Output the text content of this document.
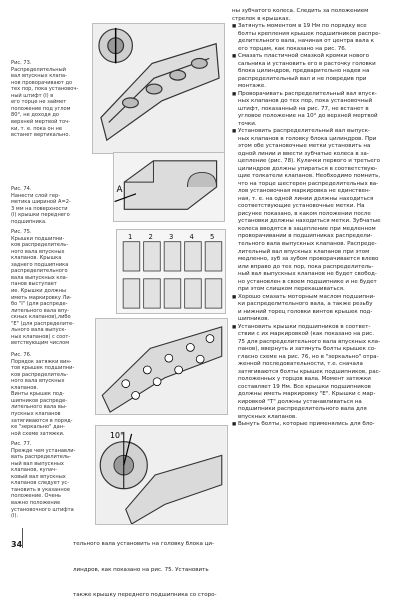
A
1 2 3 4 5
10°

Рис. 73.
Распределительный
вал впускных клапа-
нов проворачивают до
тех пор, пока установоч-
ный штифт (I) в
его торце не займет
положение под углом
80°, не доходя до
верхней мертвой точ-
ки, т. е. пока он не
встанет вертикально.

Рис. 74.
Нанести слой гер-
метика шириной А=2-
3 мм на поверхности
(I) крышки переднего
подшипника.

Рис. 75.
Крышки подшипни-
ков распределитель-
ного вала впускных
клапанов. Крышка
заднего подшипника
распределительного
вала выпускных кла-
панов выступает
ие. Крышки должны
иметь маркировку Ли-
бо "I" (для распреде-
лительного вала впу-
скных клапанов),либо
"Е" (для распределите-
льного вала выпуск-
ных клапанов) с соот-
ветствующим числом

Рис. 76.
Порядок затяжки вин-
тов крышек подшипни-
ков распределитель-
ного вала впускных
клапанов.
Винты крышек под-
шипников распреде-
лительного вала вы-
пускных клапанов
затягиваются в поряд-
ке "зеркально" дан-
ной схеме затяжки.

Рис. 77.
Прежде чем устанавли-
вать распределитель-
ный вал выпускных
клапанов, кулач-
ковый вал впускных
клапанов следует ус-
тановить в указанное
положение. Очень
важно положение
установочного штифта
(I).

34

	тельного вала установить на головку блока ци-

линдров, как показано на рис. 75. Установить

также крышку переднего подшипника со сторо-

ны зубчатого колеса. Следить за положением
стрелок в крышках.
■ Затянуть моментом в 19 Нм по порядку все
болты крепления крышек подшипников распре-
делительного вала, начиная от центра вала к
его торцам, как показано на рис. 76.
■ Смазать пластичной смазкой кромки нового
сальника и установить его в расточку головки
блока цилиндров, предварительно надев на
распределительный вал и не повредив при
монтаже.
■ Проворачивать распределительный вал впуск-
ных клапанов до тех пор, пока установочный
штифт, показанный на рис. 77, не встанет в
угловое положение на 10° до верхней мертвой
точки.
■ Установить распределительный вал выпуск-
ных клапанов в головку блока цилиндров. При
этом обе установочные метки установить на
одной линии и ввести зубчатые колеса в за-
цепление (рис. 78). Кулачки первого и третьего
цилиндров должны упираться в соответствую-
щие толкатели клапанов. Необходимо помнить,
что на торце шестерен распределительных ва-
лов установочная маркировка не единствен-
ная, т. е. на одной линии должны находиться
соответствующие установочные метки. На
рисунке показано, в каком положении после
установки должны находиться метки. Зубчатые
колеса вводятся в зацепление при медленном
проворачивании в подшипниках распредели-
тельного вала выпускных клапанов. Распреде-
лительный вал впускных клапанов при этом
медленно, зуб за зубом проворачивается влево
или вправо до тех пор, пока распределитель-
ный вал выпускных клапанов не будет свобод-
но установлен в своем подшипнике и не будет
при этом слишком перекашиваться.
■ Хорошо смазать моторным маслом подшипни-
ки распределительного вала, а также резьбу
и нижний торец головки винтов крышек под-
шипников.
■ Установить крышки подшипников в соответ-
ствии с их маркировкой (как показано на рис.
75 для распределительного вала впускных кла-
панов), ввернуть и затянуть болты крышек со-
гласно схеме на рис. 76, но в "зеркально" отра-
женной последовательности, т.е. сначала
затягиваются болты крышек подшипников, рас-
положенных у торцов вала. Момент затяжки
составляет 19 Нм. Все крышки подшипников
должны иметь маркировку "Е". Крышки с мар-
кировкой "Т" должны устанавливаться на
подшипники распределительного вала для
впускных клапанов.
■ Вынуть болты, которые применялись для бло-
